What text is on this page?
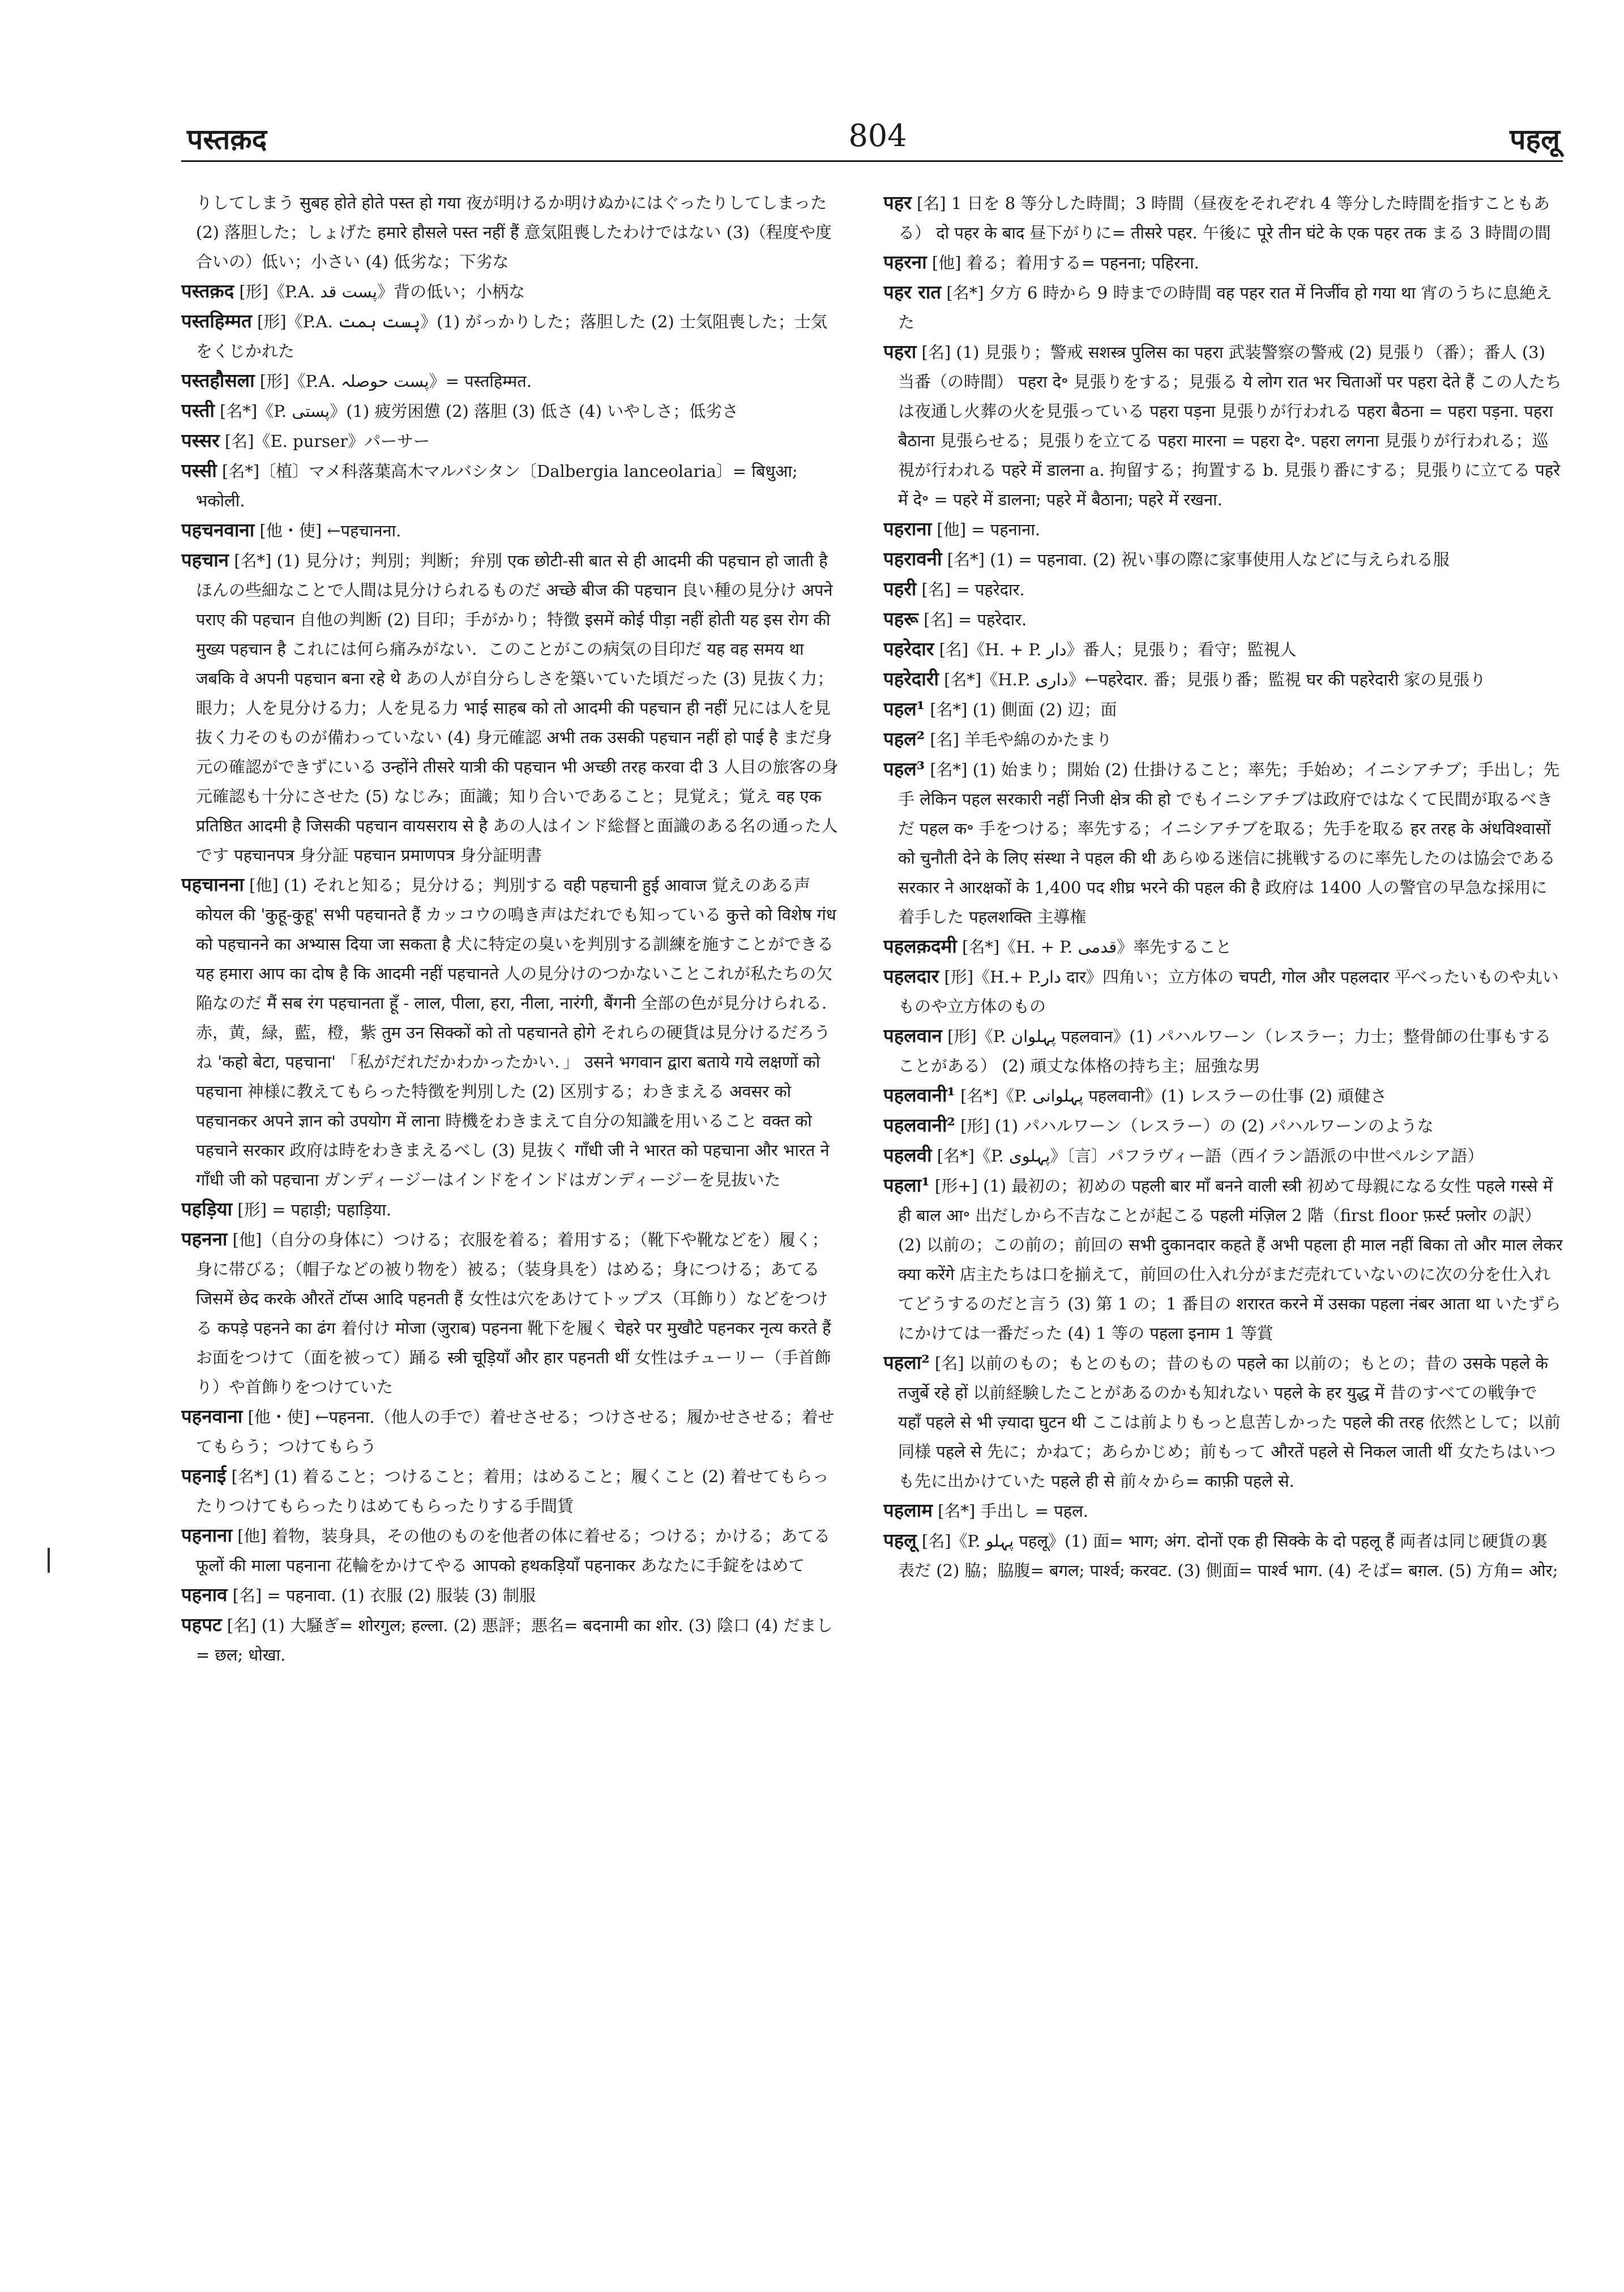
पस्तक़द	804	पहलू

りしてしまう सुबह होते होते पस्त हो गया 夜が明けるか明けぬかにはぐったりしてしまった (2) 落胆した；しょげた हमारे हौसले पस्त नहीं हैं 意気阻喪したわけではない (3)（程度や度合いの）低い；小さい (4) 低劣な；下劣な

पस्तक़द [形]《P.A. پست قد》背の低い；小柄な

पस्तहिम्मत [形]《P.A. پست ہمت》(1) がっかりした；落胆した (2) 士気阻喪した；士気をくじかれた

पस्तहौसला [形]《P.A. پست حوصلہ》= पस्तहिम्मत.

पस्ती [名*]《P. پستی》(1) 疲労困憊 (2) 落胆 (3) 低さ (4) いやしさ；低劣さ

पस्सर [名]《E. purser》パーサー

पस्सी [名*]〔植〕マメ科落葉高木マルバシタン〔Dalbergia lanceolaria〕= बिधुआ; भकोली.

पहचनवाना [他・使] ←पहचानना.

पहचान [名*] (1) 見分け；判別；判断；弁別 एक छोटी-सी बात से ही आदमी की पहचान हो जाती है ほんの些細なことで人間は見分けられるものだ अच्छे बीज की पहचान 良い種の見分け अपने पराए की पहचान 自他の判断 (2) 目印；手がかり；特徴 इसमें कोई पीड़ा नहीं होती यह इस रोग की मुख्य पहचान है これには何ら痛みがない．このことがこの病気の目印だ यह वह समय था जबकि वे अपनी पहचान बना रहे थे あの人が自分らしさを築いていた頃だった (3) 見抜く力；眼力；人を見分ける力；人を見る力 भाई साहब को तो आदमी की पहचान ही नहीं 兄には人を見抜く力そのものが備わっていない (4) 身元確認 अभी तक उसकी पहचान नहीं हो पाई है まだ身元の確認ができずにいる उन्होंने तीसरे यात्री की पहचान भी अच्छी तरह करवा दी 3 人目の旅客の身元確認も十分にさせた (5) なじみ；面識；知り合いであること；見覚え；覚え वह एक प्रतिष्ठित आदमी है जिसकी पहचान वायसराय से है あの人はインド総督と面識のある名の通った人です पहचानपत्र 身分証 पहचान प्रमाणपत्र 身分証明書

पहचानना [他] (1) それと知る；見分ける；判別する वही पहचानी हुई आवाज 覚えのある声 कोयल की 'कुहू-कुहू' सभी पहचानते हैं カッコウの鳴き声はだれでも知っている कुत्ते को विशेष गंध को पहचानने का अभ्यास दिया जा सकता है 犬に特定の臭いを判別する訓練を施すことができる यह हमारा आप का दोष है कि आदमी नहीं पहचानते 人の見分けのつかないことこれが私たちの欠陥なのだ मैं सब रंग पहचानता हूँ - लाल, पीला, हरा, नीला, नारंगी, बैंगनी 全部の色が見分けられる．赤，黄，緑，藍，橙，紫 तुम उन सिक्कों को तो पहचानते होगे それらの硬貨は見分けるだろうね 'कहो बेटा, पहचाना' 「私がだれだかわかったかい．」 उसने भगवान द्वारा बताये गये लक्षणों को पहचाना 神様に教えてもらった特徴を判別した (2) 区別する；わきまえる अवसर को पहचानकर अपने ज्ञान को उपयोग में लाना 時機をわきまえて自分の知識を用いること वक्त को पहचाने सरकार 政府は時をわきまえるべし (3) 見抜く गाँधी जी ने भारत को पहचाना और भारत ने गाँधी जी को पहचाना ガンディージーはインドをインドはガンディージーを見抜いた

पहड़िया [形] = पहाड़ी; पहाड़िया.

पहनना [他]（自分の身体に）つける；衣服を着る；着用する；（靴下や靴などを）履く；身に帯びる；（帽子などの被り物を）被る；（装身具を）はめる；身につける；あてる जिसमें छेद करके औरतें टॉप्स आदि पहनती हैं 女性は穴をあけてトップス（耳飾り）などをつける कपड़े पहनने का ढंग 着付け मोजा (जुराब) पहनना 靴下を履く चेहरे पर मुखौटे पहनकर नृत्य करते हैं お面をつけて（面を被って）踊る स्त्री चूड़ियाँ और हार पहनती थीं 女性はチューリー（手首飾り）や首飾りをつけていた

पहनवाना [他・使] ←पहनना.（他人の手で）着せさせる；つけさせる；履かせさせる；着せてもらう；つけてもらう

पहनाई [名*] (1) 着ること；つけること；着用；はめること；履くこと (2) 着せてもらったりつけてもらったりはめてもらったりする手間賃

पहनाना [他] 着物，装身具，その他のものを他者の体に着せる；つける；かける；あてる फूलों की माला पहनाना 花輪をかけてやる आपको हथकड़ियाँ पहनाकर あなたに手錠をはめて

पहनाव [名] = पहनावा. (1) 衣服 (2) 服装 (3) 制服

पहपट [名] (1) 大騒ぎ= शोरगुल; हल्ला. (2) 悪評；悪名= बदनामी का शोर. (3) 陰口 (4) だまし= छल; धोखा.

पहर [名] 1 日を 8 等分した時間；3 時間（昼夜をそれぞれ 4 等分した時間を指すこともある） दो पहर के बाद 昼下がりに= तीसरे पहर. 午後に पूरे तीन घंटे के एक पहर तक まる 3 時間の間

पहरना [他] 着る；着用する= पहनना; पहिरना.

पहर रात [名*] 夕方 6 時から 9 時までの時間 वह पहर रात में निर्जीव हो गया था 宵のうちに息絶えた

पहरा [名] (1) 見張り；警戒 सशस्त्र पुलिस का पहरा 武装警察の警戒 (2) 見張り（番）；番人 (3) 当番（の時間） पहरा दे॰ 見張りをする；見張る ये लोग रात भर चिताओं पर पहरा देते हैं この人たちは夜通し火葬の火を見張っている पहरा पड़ना 見張りが行われる पहरा बैठना = पहरा पड़ना. पहरा बैठाना 見張らせる；見張りを立てる पहरा मारना = पहरा दे॰. पहरा लगना 見張りが行われる；巡視が行われる पहरे में डालना a. 拘留する；拘置する b. 見張り番にする；見張りに立てる पहरे में दे॰ = पहरे में डालना; पहरे में बैठाना; पहरे में रखना.

पहराना [他] = पहनाना.

पहरावनी [名*] (1) = पहनावा. (2) 祝い事の際に家事使用人などに与えられる服

पहरी [名] = पहरेदार.

पहरू [名] = पहरेदार.

पहरेदार [名]《H. + P. دار》番人；見張り；看守；監視人

पहरेदारी [名*]《H.P. داری》←पहरेदार. 番；見張り番；監視 घर की पहरेदारी 家の見張り

पहल¹ [名*] (1) 側面 (2) 辺；面

पहल² [名] 羊毛や綿のかたまり

पहल³ [名*] (1) 始まり；開始 (2) 仕掛けること；率先；手始め；イニシアチブ；手出し；先手 लेकिन पहल सरकारी नहीं निजी क्षेत्र की हो でもイニシアチブは政府ではなくて民間が取るべきだ पहल क॰ 手をつける；率先する；イニシアチブを取る；先手を取る हर तरह के अंधविश्वासों को चुनौती देने के लिए संस्था ने पहल की थी あらゆる迷信に挑戦するのに率先したのは協会である सरकार ने आरक्षकों के 1,400 पद शीघ्र भरने की पहल की है 政府は 1400 人の警官の早急な採用に着手した पहलशक्ति 主導権

पहलक़दमी [名*]《H. + P. قدمی》率先すること

पहलदार [形]《H.+ P.دار दार》四角い；立方体の चपटी, गोल और पहलदार 平べったいものや丸いものや立方体のもの

पहलवान [形]《P. پہلوان पहलवान》(1) パハルワーン（レスラー；力士；整骨師の仕事もすることがある） (2) 頑丈な体格の持ち主；屈強な男

पहलवानी¹ [名*]《P. پہلوانی पहलवानी》(1) レスラーの仕事 (2) 頑健さ

पहलवानी² [形] (1) パハルワーン（レスラー）の (2) パハルワーンのような

पहलवी [名*]《P. پہلوی》〔言〕パフラヴィー語（西イラン語派の中世ペルシア語）

पहला¹ [形+] (1) 最初の；初めの पहली बार माँ बनने वाली स्त्री 初めて母親になる女性 पहले गस्से में ही बाल आ॰ 出だしから不吉なことが起こる पहली मंज़िल 2 階（first floor फ़र्स्ट फ़्लोर の訳） (2) 以前の；この前の；前回の सभी दुकानदार कहते हैं अभी पहला ही माल नहीं बिका तो और माल लेकर क्या करेंगे 店主たちは口を揃えて，前回の仕入れ分がまだ売れていないのに次の分を仕入れてどうするのだと言う (3) 第 1 の；1 番目の शरारत करने में उसका पहला नंबर आता था いたずらにかけては一番だった (4) 1 等の पहला इनाम 1 等賞

पहला² [名] 以前のもの；もとのもの；昔のもの पहले का 以前の；もとの；昔の उसके पहले के तजुर्बे रहे हों 以前経験したことがあるのかも知れない पहले के हर युद्ध में 昔のすべての戦争で यहाँ पहले से भी ज़्यादा घुटन थी ここは前よりもっと息苦しかった पहले की तरह 依然として；以前同様 पहले से 先に；かねて；あらかじめ；前もって औरतें पहले से निकल जाती थीं 女たちはいつも先に出かけていた पहले ही से 前々から= काफ़ी पहले से.

पहलाम [名*] 手出し = पहल.

पहलू [名]《P. پہلو पहलू》(1) 面= भाग; अंग. दोनों एक ही सिक्के के दो पहलू हैं 両者は同じ硬貨の裏表だ (2) 脇；脇腹= बगल; पार्श्व; करवट. (3) 側面= पार्श्व भाग. (4) そば= बग़ल. (5) 方角= ओर;
